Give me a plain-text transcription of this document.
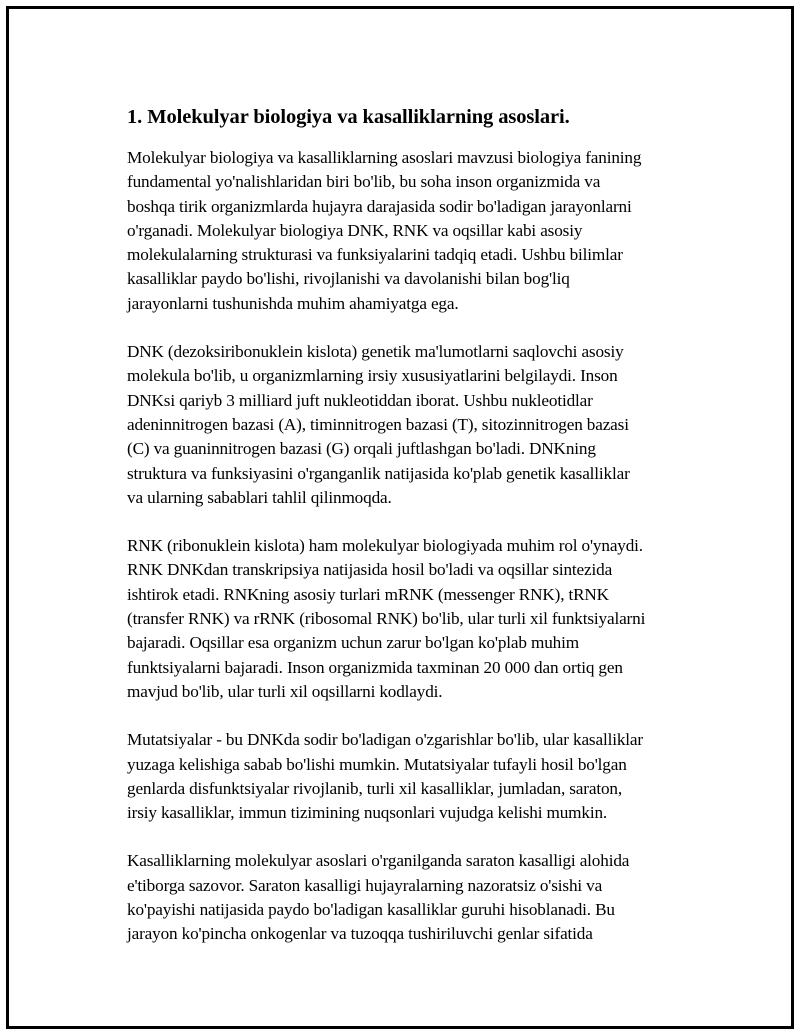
1. Molekulyar biologiya va kasalliklarning asoslari.

Molekulyar biologiya va kasalliklarning asoslari mavzusi biologiya fanining
fundamental yo'nalishlaridan biri bo'lib, bu soha inson organizmida va
boshqa tirik organizmlarda hujayra darajasida sodir bo'ladigan jarayonlarni
o'rganadi. Molekulyar biologiya DNK, RNK va oqsillar kabi asosiy
molekulalarning strukturasi va funksiyalarini tadqiq etadi. Ushbu bilimlar
kasalliklar paydo bo'lishi, rivojlanishi va davolanishi bilan bog'liq
jarayonlarni tushunishda muhim ahamiyatga ega.

DNK (dezoksiribonuklein kislota) genetik ma'lumotlarni saqlovchi asosiy
molekula bo'lib, u organizmlarning irsiy xususiyatlarini belgilaydi. Inson
DNKsi qariyb 3 milliard juft nukleotiddan iborat. Ushbu nukleotidlar
adeninnitrogen bazasi (A), timinnitrogen bazasi (T), sitozinnitrogen bazasi
(C) va guaninnitrogen bazasi (G) orqali juftlashgan bo'ladi. DNKning
struktura va funksiyasini o'rganganlik natijasida ko'plab genetik kasalliklar
va ularning sabablari tahlil qilinmoqda.

RNK (ribonuklein kislota) ham molekulyar biologiyada muhim rol o'ynaydi.
RNK DNKdan transkripsiya natijasida hosil bo'ladi va oqsillar sintezida
ishtirok etadi. RNKning asosiy turlari mRNK (messenger RNK), tRNK
(transfer RNK) va rRNK (ribosomal RNK) bo'lib, ular turli xil funktsiyalarni
bajaradi. Oqsillar esa organizm uchun zarur bo'lgan ko'plab muhim
funktsiyalarni bajaradi. Inson organizmida taxminan 20 000 dan ortiq gen
mavjud bo'lib, ular turli xil oqsillarni kodlaydi.

Mutatsiyalar - bu DNKda sodir bo'ladigan o'zgarishlar bo'lib, ular kasalliklar
yuzaga kelishiga sabab bo'lishi mumkin. Mutatsiyalar tufayli hosil bo'lgan
genlarda disfunktsiyalar rivojlanib, turli xil kasalliklar, jumladan, saraton,
irsiy kasalliklar, immun tizimining nuqsonlari vujudga kelishi mumkin.

Kasalliklarning molekulyar asoslari o'rganilganda saraton kasalligi alohida
e'tiborga sazovor. Saraton kasalligi hujayralarning nazoratsiz o'sishi va
ko'payishi natijasida paydo bo'ladigan kasalliklar guruhi hisoblanadi. Bu
jarayon ko'pincha onkogenlar va tuzoqqa tushiriluvchi genlar sifatida
